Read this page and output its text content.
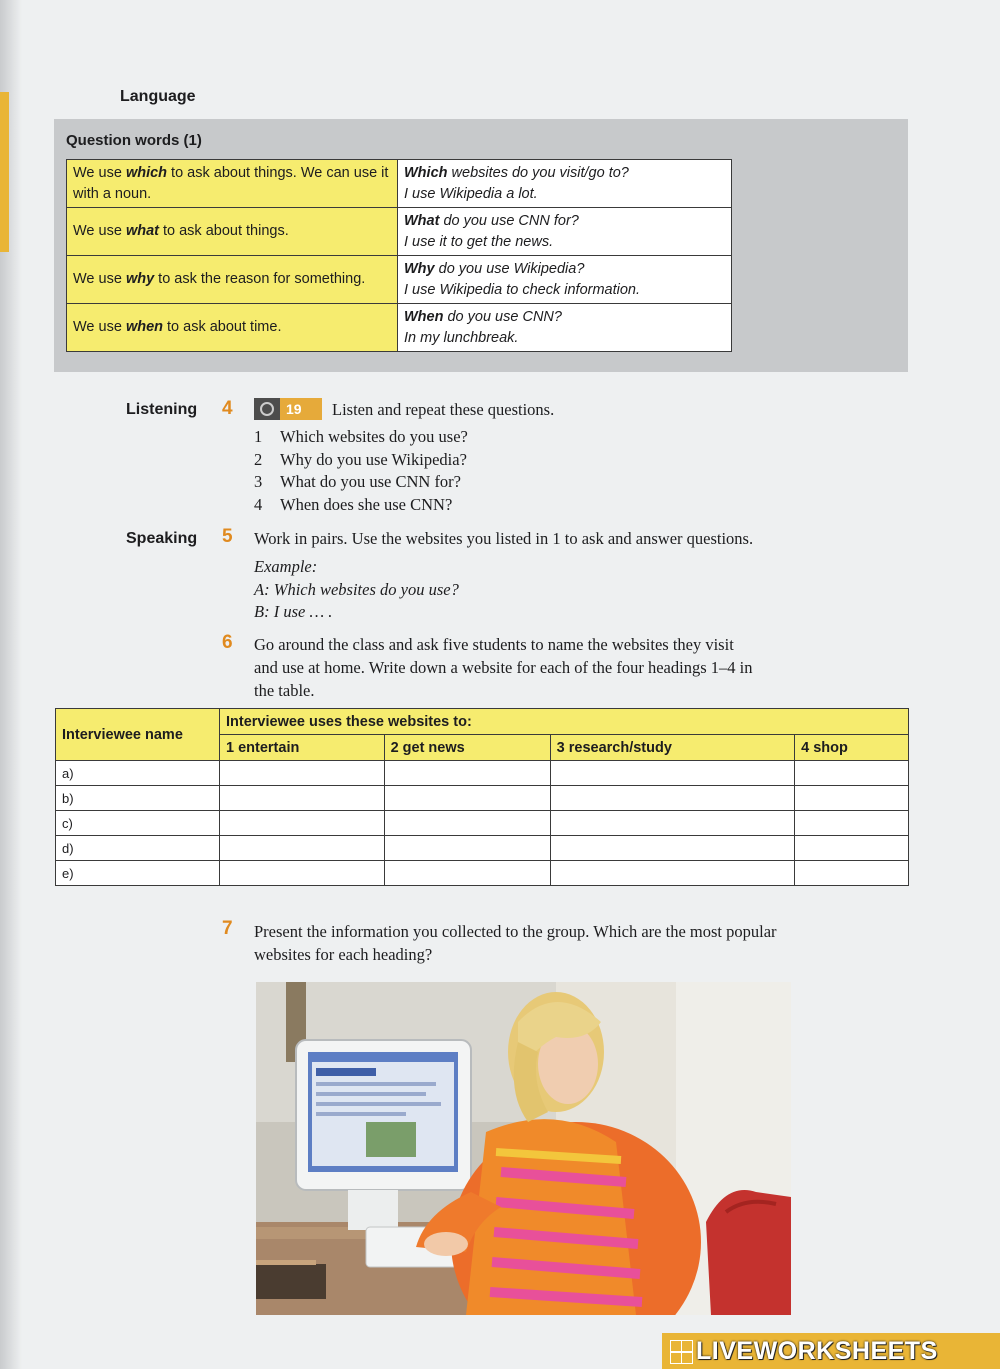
Language
Question words (1)
We use which to ask about things. We can use it with a noun.	Which websites do you visit/go to?
I use Wikipedia a lot.
We use what to ask about things.	What do you use CNN for?
I use it to get the news.
We use why to ask the reason for something.	Why do you use Wikipedia?
I use Wikipedia to check information.
We use when to ask about time.	When do you use CNN?
In my lunchbreak.
Listening 4	19 Listen and repeat these questions.
1 Which websites do you use?
2 Why do you use Wikipedia?
3 What do you use CNN for?
4 When does she use CNN?
Speaking 5 Work in pairs. Use the websites you listed in 1 to ask and answer questions.
Example:
A: Which websites do you use?
B: I use … .
6 Go around the class and ask five students to name the websites they visit
and use at home. Write down a website for each of the four headings 1–4 in
the table.
Interviewee name	Interviewee uses these websites to:			
	1 entertain	2 get news	3 research/study	4 shop
a)				
b)				
c)				
d)				
e)				
7 Present the information you collected to the group. Which are the most popular
websites for each heading?
LIVEWORKSHEETS
